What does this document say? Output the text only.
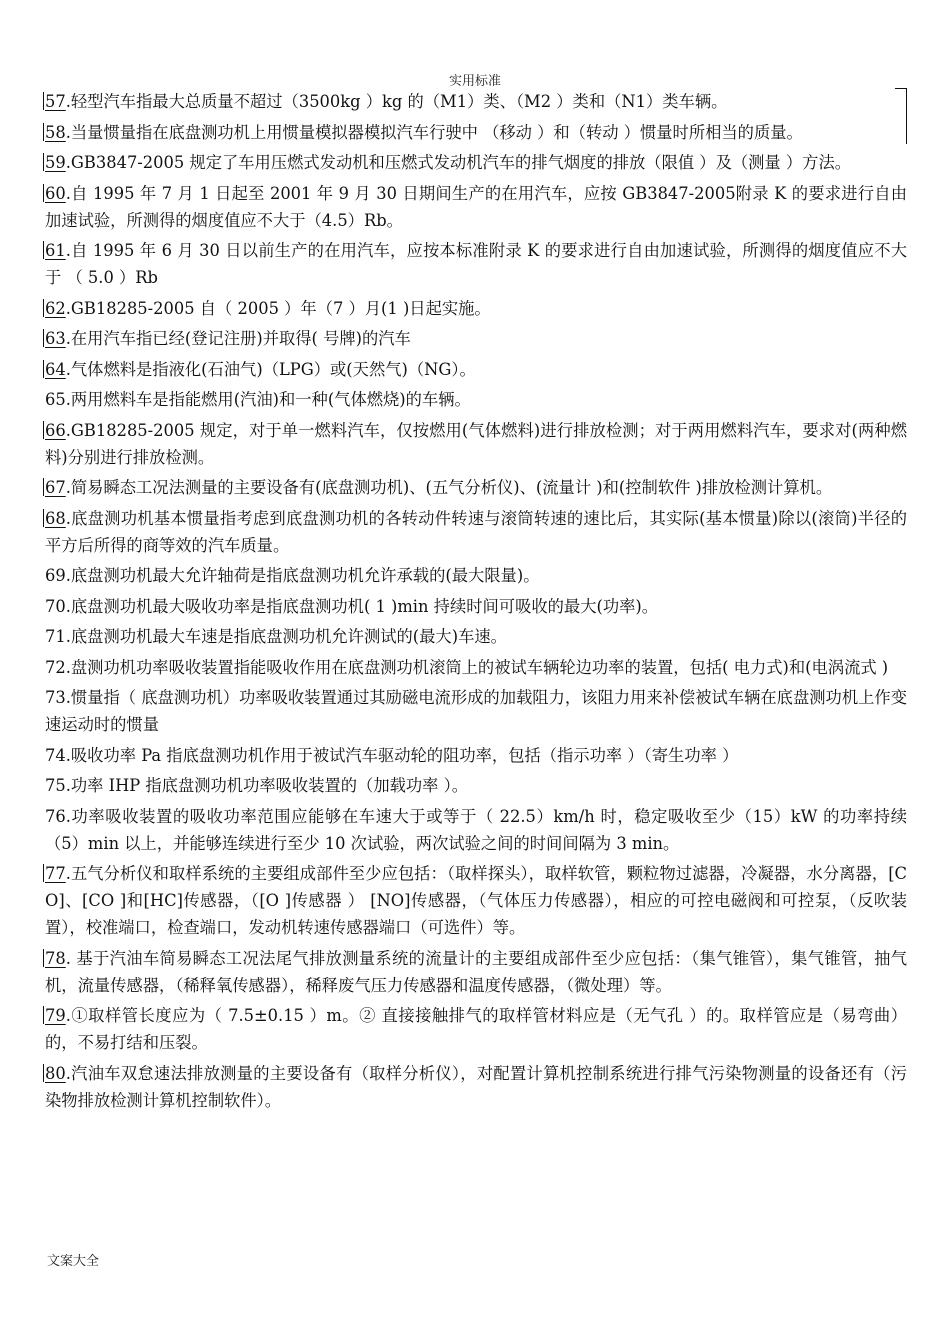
实用标准
57.轻型汽车指最大总质量不超过（3500kg ）kg 的（M1）类、（M2 ）类和（N1）类车辆。
58.当量惯量指在底盘测功机上用惯量模拟器模拟汽车行驶中 （移动 ）和（转动 ）惯量时所相当的质量。
59.GB3847-2005 规定了车用压燃式发动机和压燃式发动机汽车的排气烟度的排放（限值 ）及（测量 ）方法。
60.自 1995 年 7 月 1 日起至 2001 年 9 月 30 日期间生产的在用汽车，应按 GB3847-2005附录 K 的要求进行自由加速试验，所测得的烟度值应不大于（4.5）Rb。
61.自 1995 年 6 月 30 日以前生产的在用汽车，应按本标准附录 K 的要求进行自由加速试验，所测得的烟度值应不大于 （ 5.0 ）Rb
62.GB18285-2005 自（ 2005 ）年（7 ）月(1 )日起实施。
63.在用汽车指已经(登记注册)并取得( 号牌)的汽车
64.气体燃料是指液化(石油气)（LPG）或(天然气)（NG）。
65.两用燃料车是指能燃用(汽油)和一种(气体燃烧)的车辆。
66.GB18285-2005 规定，对于单一燃料汽车，仅按燃用(气体燃料)进行排放检测；对于两用燃料汽车，要求对(两种燃料)分别进行排放检测。
67.简易瞬态工况法测量的主要设备有(底盘测功机)、(五气分析仪)、(流量计 )和(控制软件 )排放检测计算机。
68.底盘测功机基本惯量指考虑到底盘测功机的各转动件转速与滚筒转速的速比后，其实际(基本惯量)除以(滚筒)半径的平方后所得的商等效的汽车质量。
69.底盘测功机最大允许轴荷是指底盘测功机允许承载的(最大限量)。
70.底盘测功机最大吸收功率是指底盘测功机( 1 )min 持续时间可吸收的最大(功率)。
71.底盘测功机最大车速是指底盘测功机允许测试的(最大)车速。
72.盘测功机功率吸收装置指能吸收作用在底盘测功机滚筒上的被试车辆轮边功率的装置，包括( 电力式)和(电涡流式 )
73.惯量指（ 底盘测功机）功率吸收装置通过其励磁电流形成的加载阻力，该阻力用来补偿被试车辆在底盘测功机上作变速运动时的惯量
74.吸收功率 Pa 指底盘测功机作用于被试汽车驱动轮的阻功率，包括（指示功率 ）（寄生功率 ）
75.功率 IHP 指底盘测功机功率吸收装置的（加载功率 ）。
76.功率吸收装置的吸收功率范围应能够在车速大于或等于（ 22.5）km/h 时，稳定吸收至少（15）kW 的功率持续（5）min 以上，并能够连续进行至少 10 次试验，两次试验之间的时间间隔为 3 min。
77.五气分析仪和取样系统的主要组成部件至少应包括：（取样探头），取样软管，颗粒物过滤器，冷凝器，水分离器，[CO]、[CO ]和[HC]传感器，（[O ]传感器 ） [NO]传感器，（气体压力传感器），相应的可控电磁阀和可控泵，（反吹装置），校准端口，检查端口，发动机转速传感器端口（可选件）等。
78. 基于汽油车简易瞬态工况法尾气排放测量系统的流量计的主要组成部件至少应包括：（集气锥管），集气锥管，抽气机，流量传感器，（稀释氧传感器），稀释废气压力传感器和温度传感器，（微处理）等。
79.①取样管长度应为（ 7.5±0.15 ）m。② 直接接触排气的取样管材料应是（无气孔 ）的。取样管应是（易弯曲）的，不易打结和压裂。
80.汽油车双怠速法排放测量的主要设备有（取样分析仪），对配置计算机控制系统进行排气污染物测量的设备还有（污染物排放检测计算机控制软件）。
文案大全
